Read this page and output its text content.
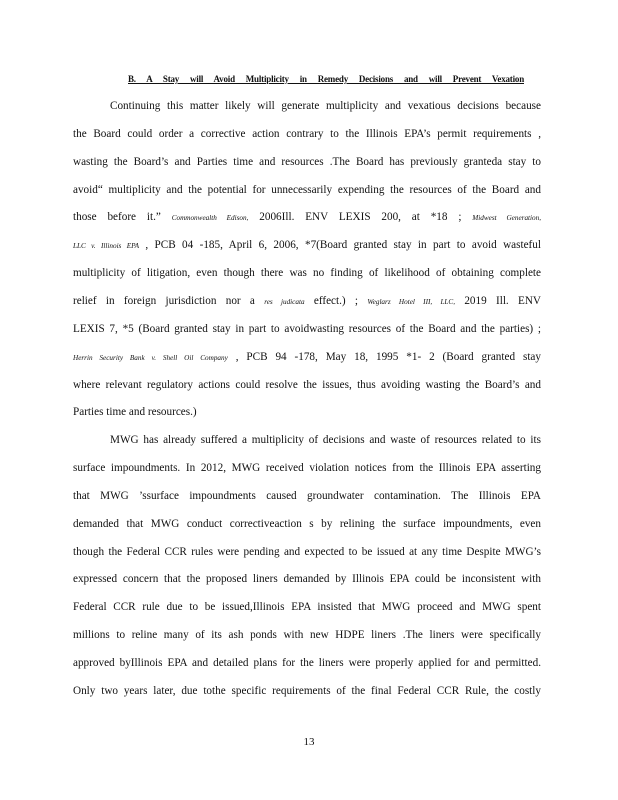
B. A Stay will Avoid Multiplicity in Remedy Decisions and will Prevent Vexation
Continuing this matter likely will generate multiplicity and vexatious decisions because
the Board could order a corrective action contrary to the Illinois EPA’s permit requirements ,
wasting the Board’s and Parties time and resources .The Board has previously granteda stay to
avoid“ multiplicity and the potential for unnecessarily expending the resources of the Board and
those before it.” Commonwealth Edison, 2006Ill. ENV LEXIS 200, at *18 ; Midwest Generation,
LLC v. Illinois EPA , PCB 04 -185, April 6, 2006, *7(Board granted stay in part to avoid wasteful
multiplicity of litigation, even though there was no finding of likelihood of obtaining complete
relief in foreign jurisdiction nor a res judicata effect.) ; Weglarz Hotel III, LLC, 2019 Ill. ENV
LEXIS 7, *5 (Board granted stay in part to avoidwasting resources of the Board and the parties) ;
Herrin Security Bank v. Shell Oil Company , PCB 94 -178, May 18, 1995 *1- 2 (Board granted stay
where relevant regulatory actions could resolve the issues, thus avoiding wasting the Board’s and
Parties time and resources.)
MWG has already suffered a multiplicity of decisions and waste of resources related to its
surface impoundments. In 2012, MWG received violation notices from the Illinois EPA asserting
that MWG ’ssurface impoundments caused groundwater contamination. The Illinois EPA
demanded that MWG conduct correctiveaction s by relining the surface impoundments, even
though the Federal CCR rules were pending and expected to be issued at any time Despite MWG’s
expressed concern that the proposed liners demanded by Illinois EPA could be inconsistent with
Federal CCR rule due to be issued,Illinois EPA insisted that MWG proceed and MWG spent
millions to reline many of its ash ponds with new HDPE liners .The liners were specifically
approved byIllinois EPA and detailed plans for the liners were properly applied for and permitted.
Only two years later, due tothe specific requirements of the final Federal CCR Rule, the costly
13
